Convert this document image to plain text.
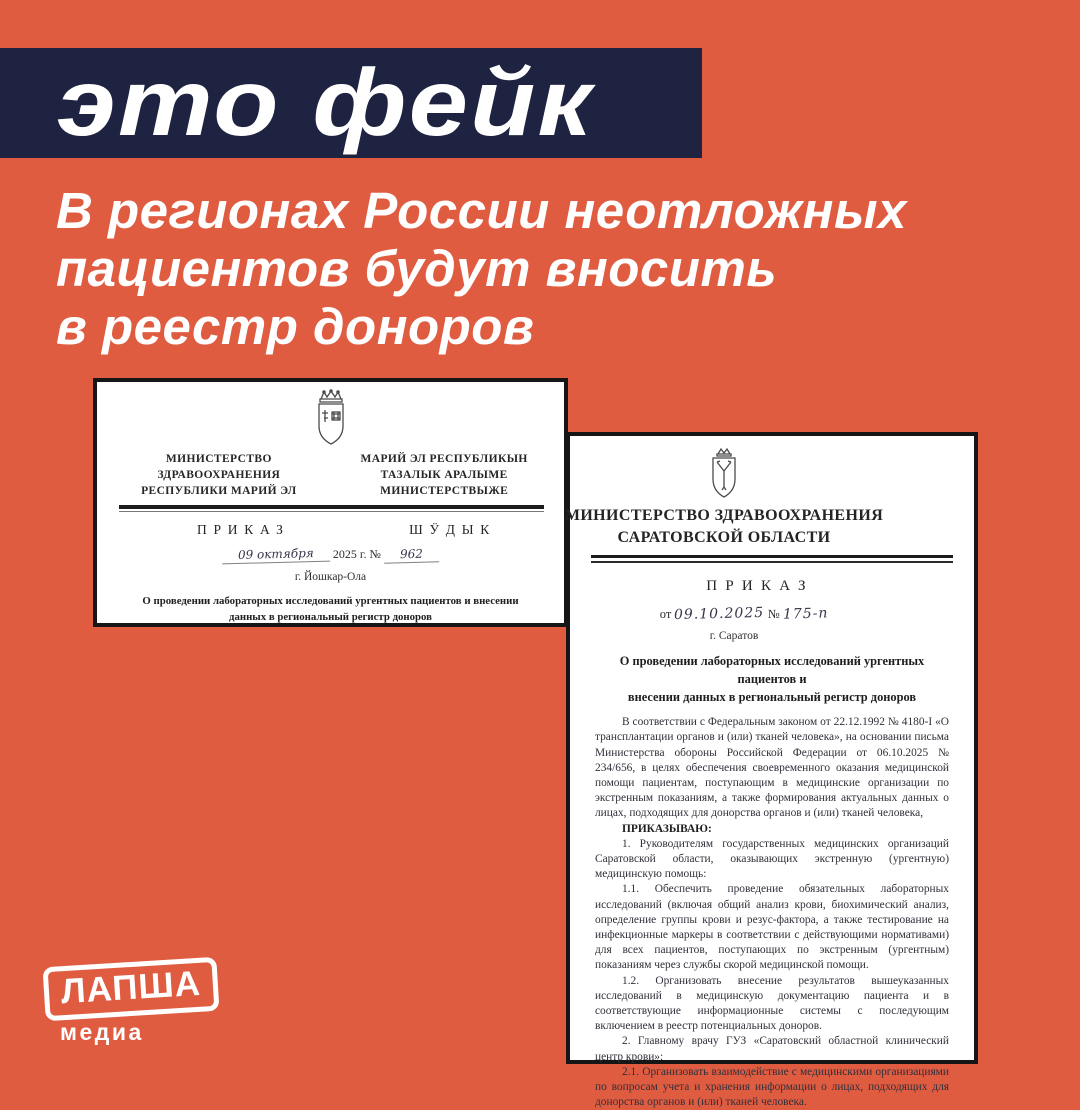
это фейк
В регионах России неотложных
пациентов будут вносить
в реестр доноров
МИНИСТЕРСТВО
ЗДРАВООХРАНЕНИЯ
РЕСПУБЛИКИ МАРИЙ ЭЛ
МАРИЙ ЭЛ РЕСПУБЛИКЫН
ТАЗАЛЫК АРАЛЫМЕ
МИНИСТЕРСТВЫЖЕ
ПРИКАЗ	ШӰДЫК
09 октября 2025 г. № 962
г. Йошкар-Ола
О проведении лабораторных исследований ургентных пациентов и внесении
данных в региональный регистр доноров
МИНИСТЕРСТВО ЗДРАВООХРАНЕНИЯ
САРАТОВСКОЙ ОБЛАСТИ
ПРИКАЗ
от 09.10.2025 № 175-п
г. Саратов
О проведении лабораторных исследований ургентных пациентов и
внесении данных в региональный регистр доноров

В соответствии с Федеральным законом от 22.12.1992 № 4180-I «О трансплантации органов и (или) тканей человека», на основании письма Министерства обороны Российской Федерации от 06.10.2025 № 234/656, в целях обеспечения своевременного оказания медицинской помощи пациентам, поступающим в медицинские организации по экстренным показаниям, а также формирования актуальных данных о лицах, подходящих для донорства органов и (или) тканей человека,

ПРИКАЗЫВАЮ:

1. Руководителям государственных медицинских организаций Саратовской области, оказывающих экстренную (ургентную) медицинскую помощь:

1.1. Обеспечить проведение обязательных лабораторных исследований (включая общий анализ крови, биохимический анализ, определение группы крови и резус-фактора, а также тестирование на инфекционные маркеры в соответствии с действующими нормативами) для всех пациентов, поступающих по экстренным (ургентным) показаниям через службы скорой медицинской помощи.

1.2. Организовать внесение результатов вышеуказанных исследований в медицинскую документацию пациента и в соответствующие информационные системы с последующим включением в реестр потенциальных доноров.

2. Главному врачу ГУЗ «Саратовский областной клинический центр крови»:

2.1. Организовать взаимодействие с медицинскими организациями по вопросам учета и хранения информации о лицах, подходящих для донорства органов и (или) тканей человека.

ЛАПША
медиа
